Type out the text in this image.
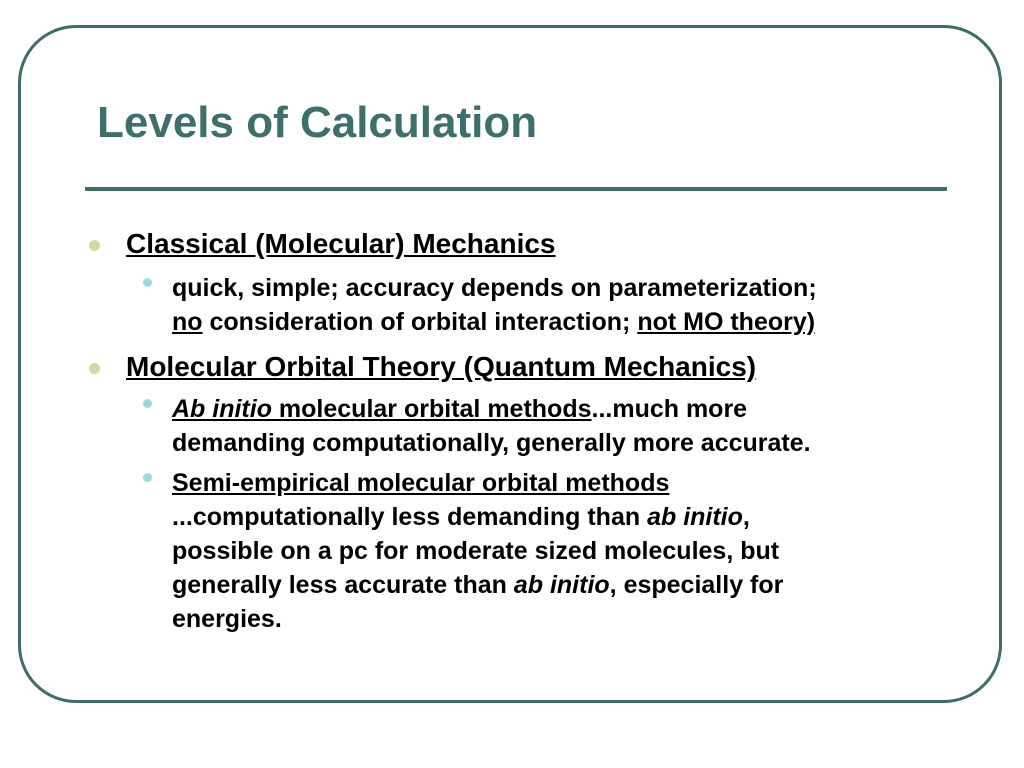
Levels of Calculation
Classical (Molecular) Mechanics
quick, simple; accuracy depends on parameterization;
no consideration of orbital interaction; not MO theory)
Molecular Orbital Theory (Quantum Mechanics)
Ab initio molecular orbital methods...much more
demanding computationally, generally more accurate.
Semi-empirical molecular orbital methods
...computationally less demanding than ab initio,
possible on a pc for moderate sized molecules, but
generally less accurate than ab initio, especially for
energies.
